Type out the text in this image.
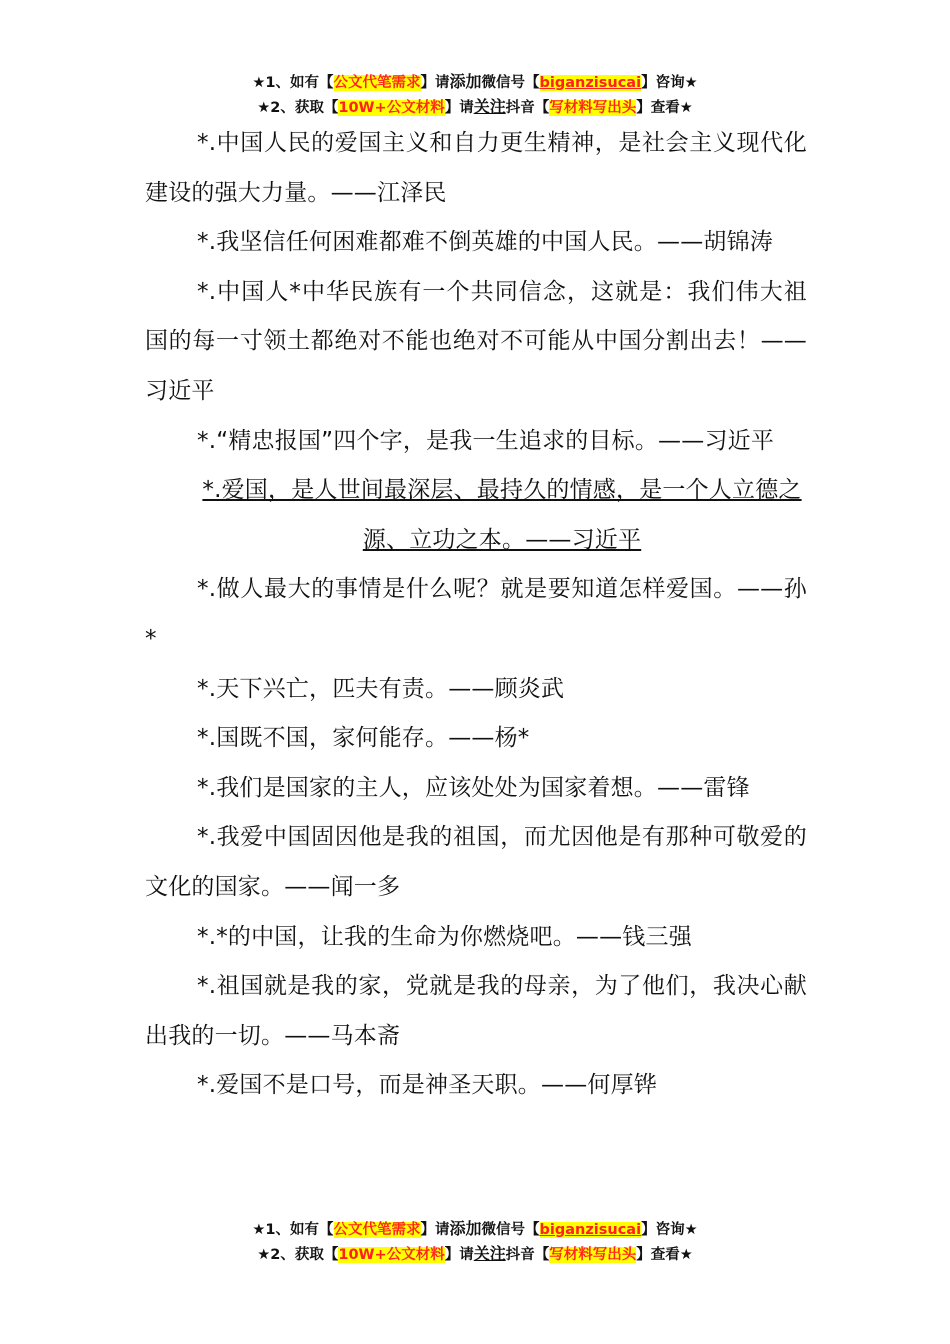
★1、如有【公文代笔需求】请添加微信号【biganzisucai】咨询★
★2、获取【10W+公文材料】请关注抖音【写材料写出头】查看★

*.中国人民的爱国主义和自力更生精神，是社会主义现代化建设的强大力量。——江泽民

*.我坚信任何困难都难不倒英雄的中国人民。——胡锦涛

*.中国人*中华民族有一个共同信念，这就是：我们伟大祖国的每一寸领土都绝对不能也绝对不可能从中国分割出去！——习近平

*.“精忠报国”四个字，是我一生追求的目标。——习近平

*.爱国，是人世间最深层、最持久的情感，是一个人立德之源、立功之本。——习近平

*.做人最大的事情是什么呢？就是要知道怎样爱国。——孙*

*.天下兴亡，匹夫有责。——顾炎武

*.国既不国，家何能存。——杨*

*.我们是国家的主人，应该处处为国家着想。——雷锋

*.我爱中国固因他是我的祖国，而尤因他是有那种可敬爱的文化的国家。——闻一多

*.*的中国，让我的生命为你燃烧吧。——钱三强

*.祖国就是我的家，党就是我的母亲，为了他们，我决心献出我的一切。——马本斋

*.爱国不是口号，而是神圣天职。——何厚铧

★1、如有【公文代笔需求】请添加微信号【biganzisucai】咨询★
★2、获取【10W+公文材料】请关注抖音【写材料写出头】查看★
